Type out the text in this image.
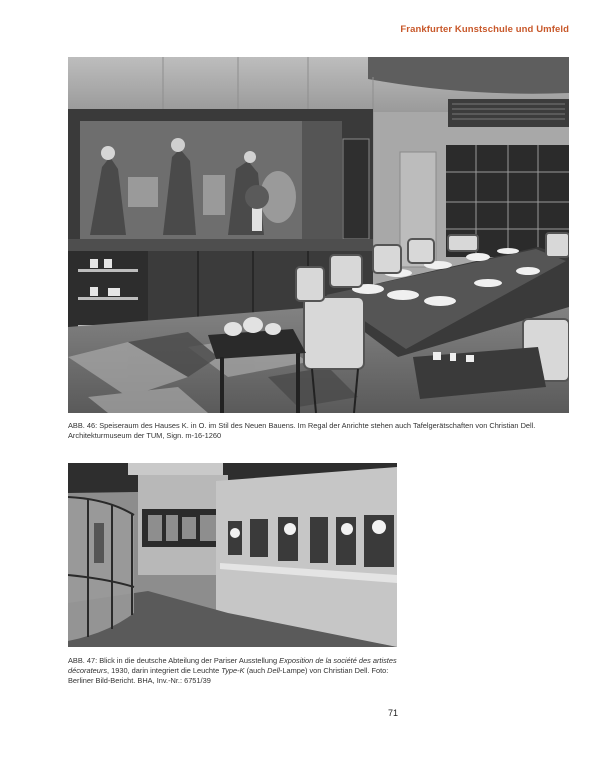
Frankfurter Kunstschule und Umfeld
ABB. 46: Speiseraum des Hauses K. in O. im Stil des Neuen Bauens. Im Regal der Anrichte stehen auch Tafelgerätschaften von Christian Dell. Architekturmuseum der TUM, Sign. m-16-1260
ABB. 47: Blick in die deutsche Abteilung der Pariser Ausstellung Exposition de la société des artistes décorateurs, 1930, darin integriert die Leuchte Type-K (auch Dell-Lampe) von Christian Dell. Foto: Berliner Bild-Bericht. BHA, Inv.-Nr.: 6751/39
71
